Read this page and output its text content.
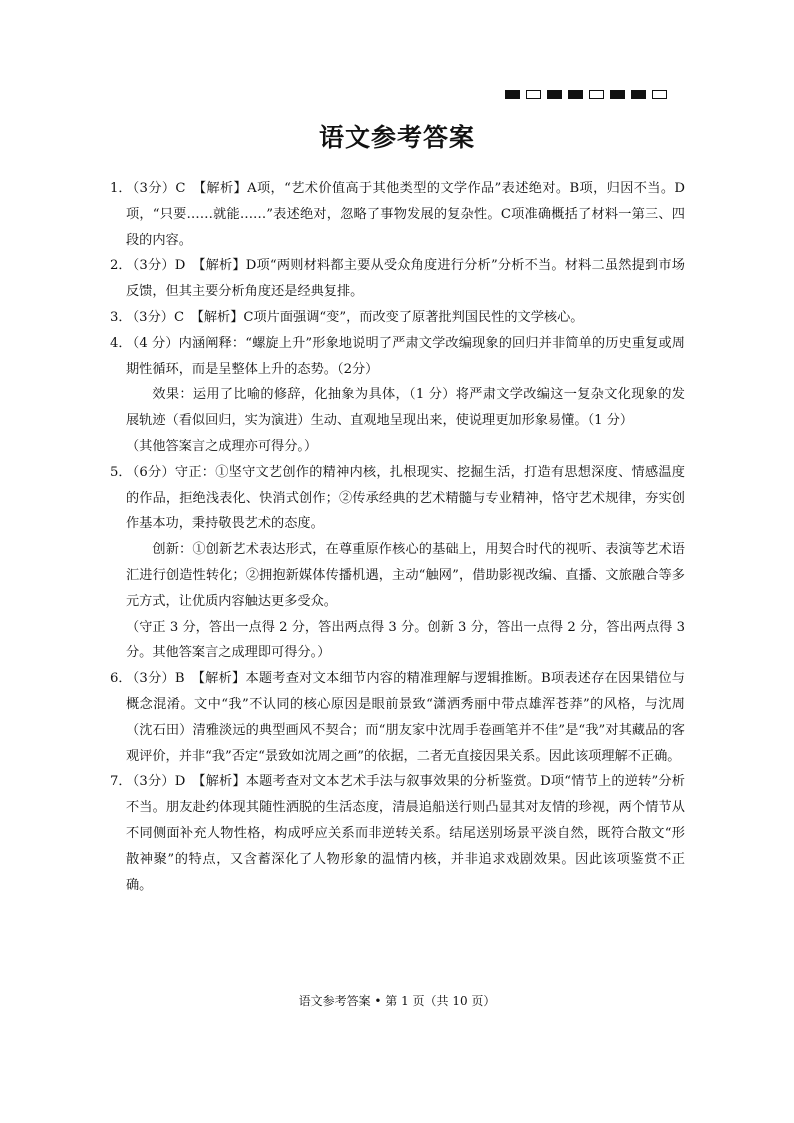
语文参考答案
1．

（3分）C　【解析】A项，“艺术价值高于其他类型的文学作品”表述绝对。B项，归因不当。D项，“只要……就能……”表述绝对，忽略了事物发展的复杂性。C项准确概括了材料一第三、四段的内容。

2．

（3分）D　【解析】D项“两则材料都主要从受众角度进行分析”分析不当。材料二虽然提到市场反馈，但其主要分析角度还是经典复排。

3．

（3分）C　【解析】C项片面强调“变”，而改变了原著批判国民性的文学核心。

4．

（4 分）内涵阐释：“螺旋上升”形象地说明了严肃文学改编现象的回归并非简单的历史重复或周期性循环，而是呈整体上升的态势。（2分）

效果：运用了比喻的修辞，化抽象为具体，（1 分）将严肃文学改编这一复杂文化现象的发展轨迹（看似回归，实为演进）生动、直观地呈现出来，使说理更加形象易懂。（1 分）

（其他答案言之成理亦可得分。）

5．

（6分）守正：①坚守文艺创作的精神内核，扎根现实、挖掘生活，打造有思想深度、情感温度的作品，拒绝浅表化、快消式创作；②传承经典的艺术精髓与专业精神，恪守艺术规律，夯实创作基本功，秉持敬畏艺术的态度。

创新：①创新艺术表达形式，在尊重原作核心的基础上，用契合时代的视听、表演等艺术语汇进行创造性转化；②拥抱新媒体传播机遇，主动“触网”，借助影视改编、直播、文旅融合等多元方式，让优质内容触达更多受众。

（守正 3 分，答出一点得 2 分，答出两点得 3 分。创新 3 分，答出一点得 2 分，答出两点得 3 分。其他答案言之成理即可得分。）

6．

（3分）B　【解析】本题考查对文本细节内容的精准理解与逻辑推断。B项表述存在因果错位与概念混淆。文中“我”不认同的核心原因是眼前景致“潇洒秀丽中带点雄浑苍莽”的风格，与沈周（沈石田）清雅淡远的典型画风不契合；而“朋友家中沈周手卷画笔并不佳”是“我”对其藏品的客观评价，并非“我”否定“景致如沈周之画”的依据，二者无直接因果关系。因此该项理解不正确。

7．

（3分）D　【解析】本题考查对文本艺术手法与叙事效果的分析鉴赏。D项“情节上的逆转”分析不当。朋友赴约体现其随性洒脱的生活态度，清晨追船送行则凸显其对友情的珍视，两个情节从不同侧面补充人物性格，构成呼应关系而非逆转关系。结尾送别场景平淡自然，既符合散文“形散神聚”的特点，又含蓄深化了人物形象的温情内核，并非追求戏剧效果。因此该项鉴赏不正确。

语文参考答案 • 第 1 页（共 10 页）
